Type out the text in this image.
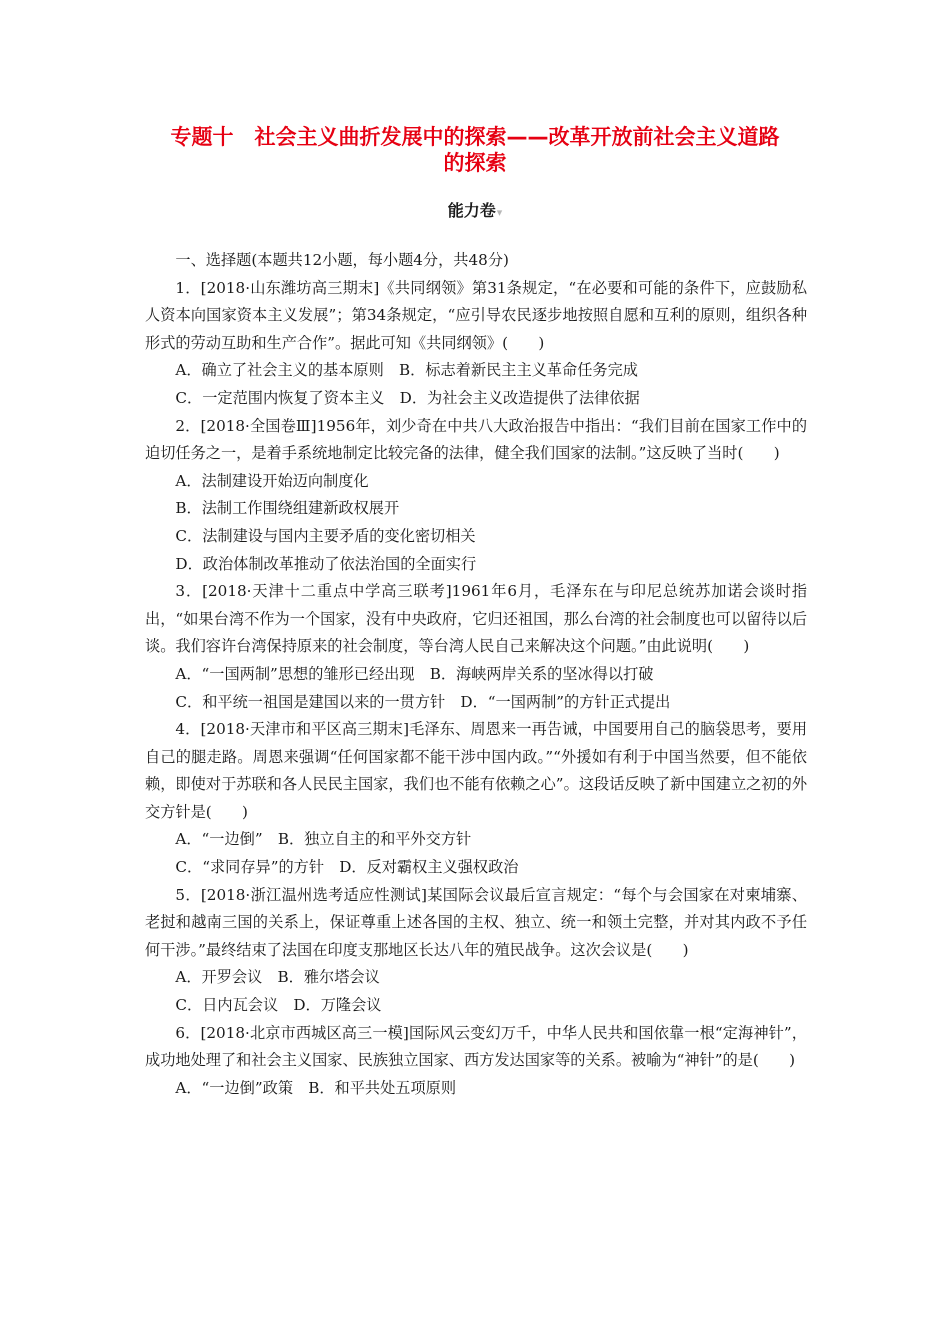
专题十　社会主义曲折发展中的探索——改革开放前社会主义道路
的探索
能力卷▾

一、选择题(本题共12小题，每小题4分，共48分)

1．[2018·山东潍坊高三期末]《共同纲领》第31条规定，“在必要和可能的条件下，应鼓励私人资本向国家资本主义发展”；第34条规定，“应引导农民逐步地按照自愿和互利的原则，组织各种形式的劳动互助和生产合作”。据此可知《共同纲领》(　　)

A．确立了社会主义的基本原则　B．标志着新民主主义革命任务完成

C．一定范围内恢复了资本主义　D．为社会主义改造提供了法律依据

2．[2018·全国卷Ⅲ]1956年，刘少奇在中共八大政治报告中指出：“我们目前在国家工作中的迫切任务之一，是着手系统地制定比较完备的法律，健全我们国家的法制。”这反映了当时(　　)

A．法制建设开始迈向制度化

B．法制工作围绕组建新政权展开

C．法制建设与国内主要矛盾的变化密切相关

D．政治体制改革推动了依法治国的全面实行

3．[2018·天津十二重点中学高三联考]1961年6月，毛泽东在与印尼总统苏加诺会谈时指出，“如果台湾不作为一个国家，没有中央政府，它归还祖国，那么台湾的社会制度也可以留待以后谈。我们容许台湾保持原来的社会制度，等台湾人民自己来解决这个问题。”由此说明(　　)

A．“一国两制”思想的雏形已经出现　B．海峡两岸关系的坚冰得以打破

C．和平统一祖国是建国以来的一贯方针　D．“一国两制”的方针正式提出

4．[2018·天津市和平区高三期末]毛泽东、周恩来一再告诫，中国要用自己的脑袋思考，要用自己的腿走路。周恩来强调“任何国家都不能干涉中国内政。”“外援如有利于中国当然要，但不能依赖，即使对于苏联和各人民民主国家，我们也不能有依赖之心”。这段话反映了新中国建立之初的外交方针是(　　)

A．“一边倒”　B．独立自主的和平外交方针

C．“求同存异”的方针　D．反对霸权主义强权政治

5．[2018·浙江温州选考适应性测试]某国际会议最后宣言规定：“每个与会国家在对柬埔寨、老挝和越南三国的关系上，保证尊重上述各国的主权、独立、统一和领土完整，并对其内政不予任何干涉。”最终结束了法国在印度支那地区长达八年的殖民战争。这次会议是(　　)

A．开罗会议　B．雅尔塔会议

C．日内瓦会议　D．万隆会议

6．[2018·北京市西城区高三一模]国际风云变幻万千，中华人民共和国依靠一根“定海神针”，成功地处理了和社会主义国家、民族独立国家、西方发达国家等的关系。被喻为“神针”的是(　　)

A．“一边倒”政策　B．和平共处五项原则
